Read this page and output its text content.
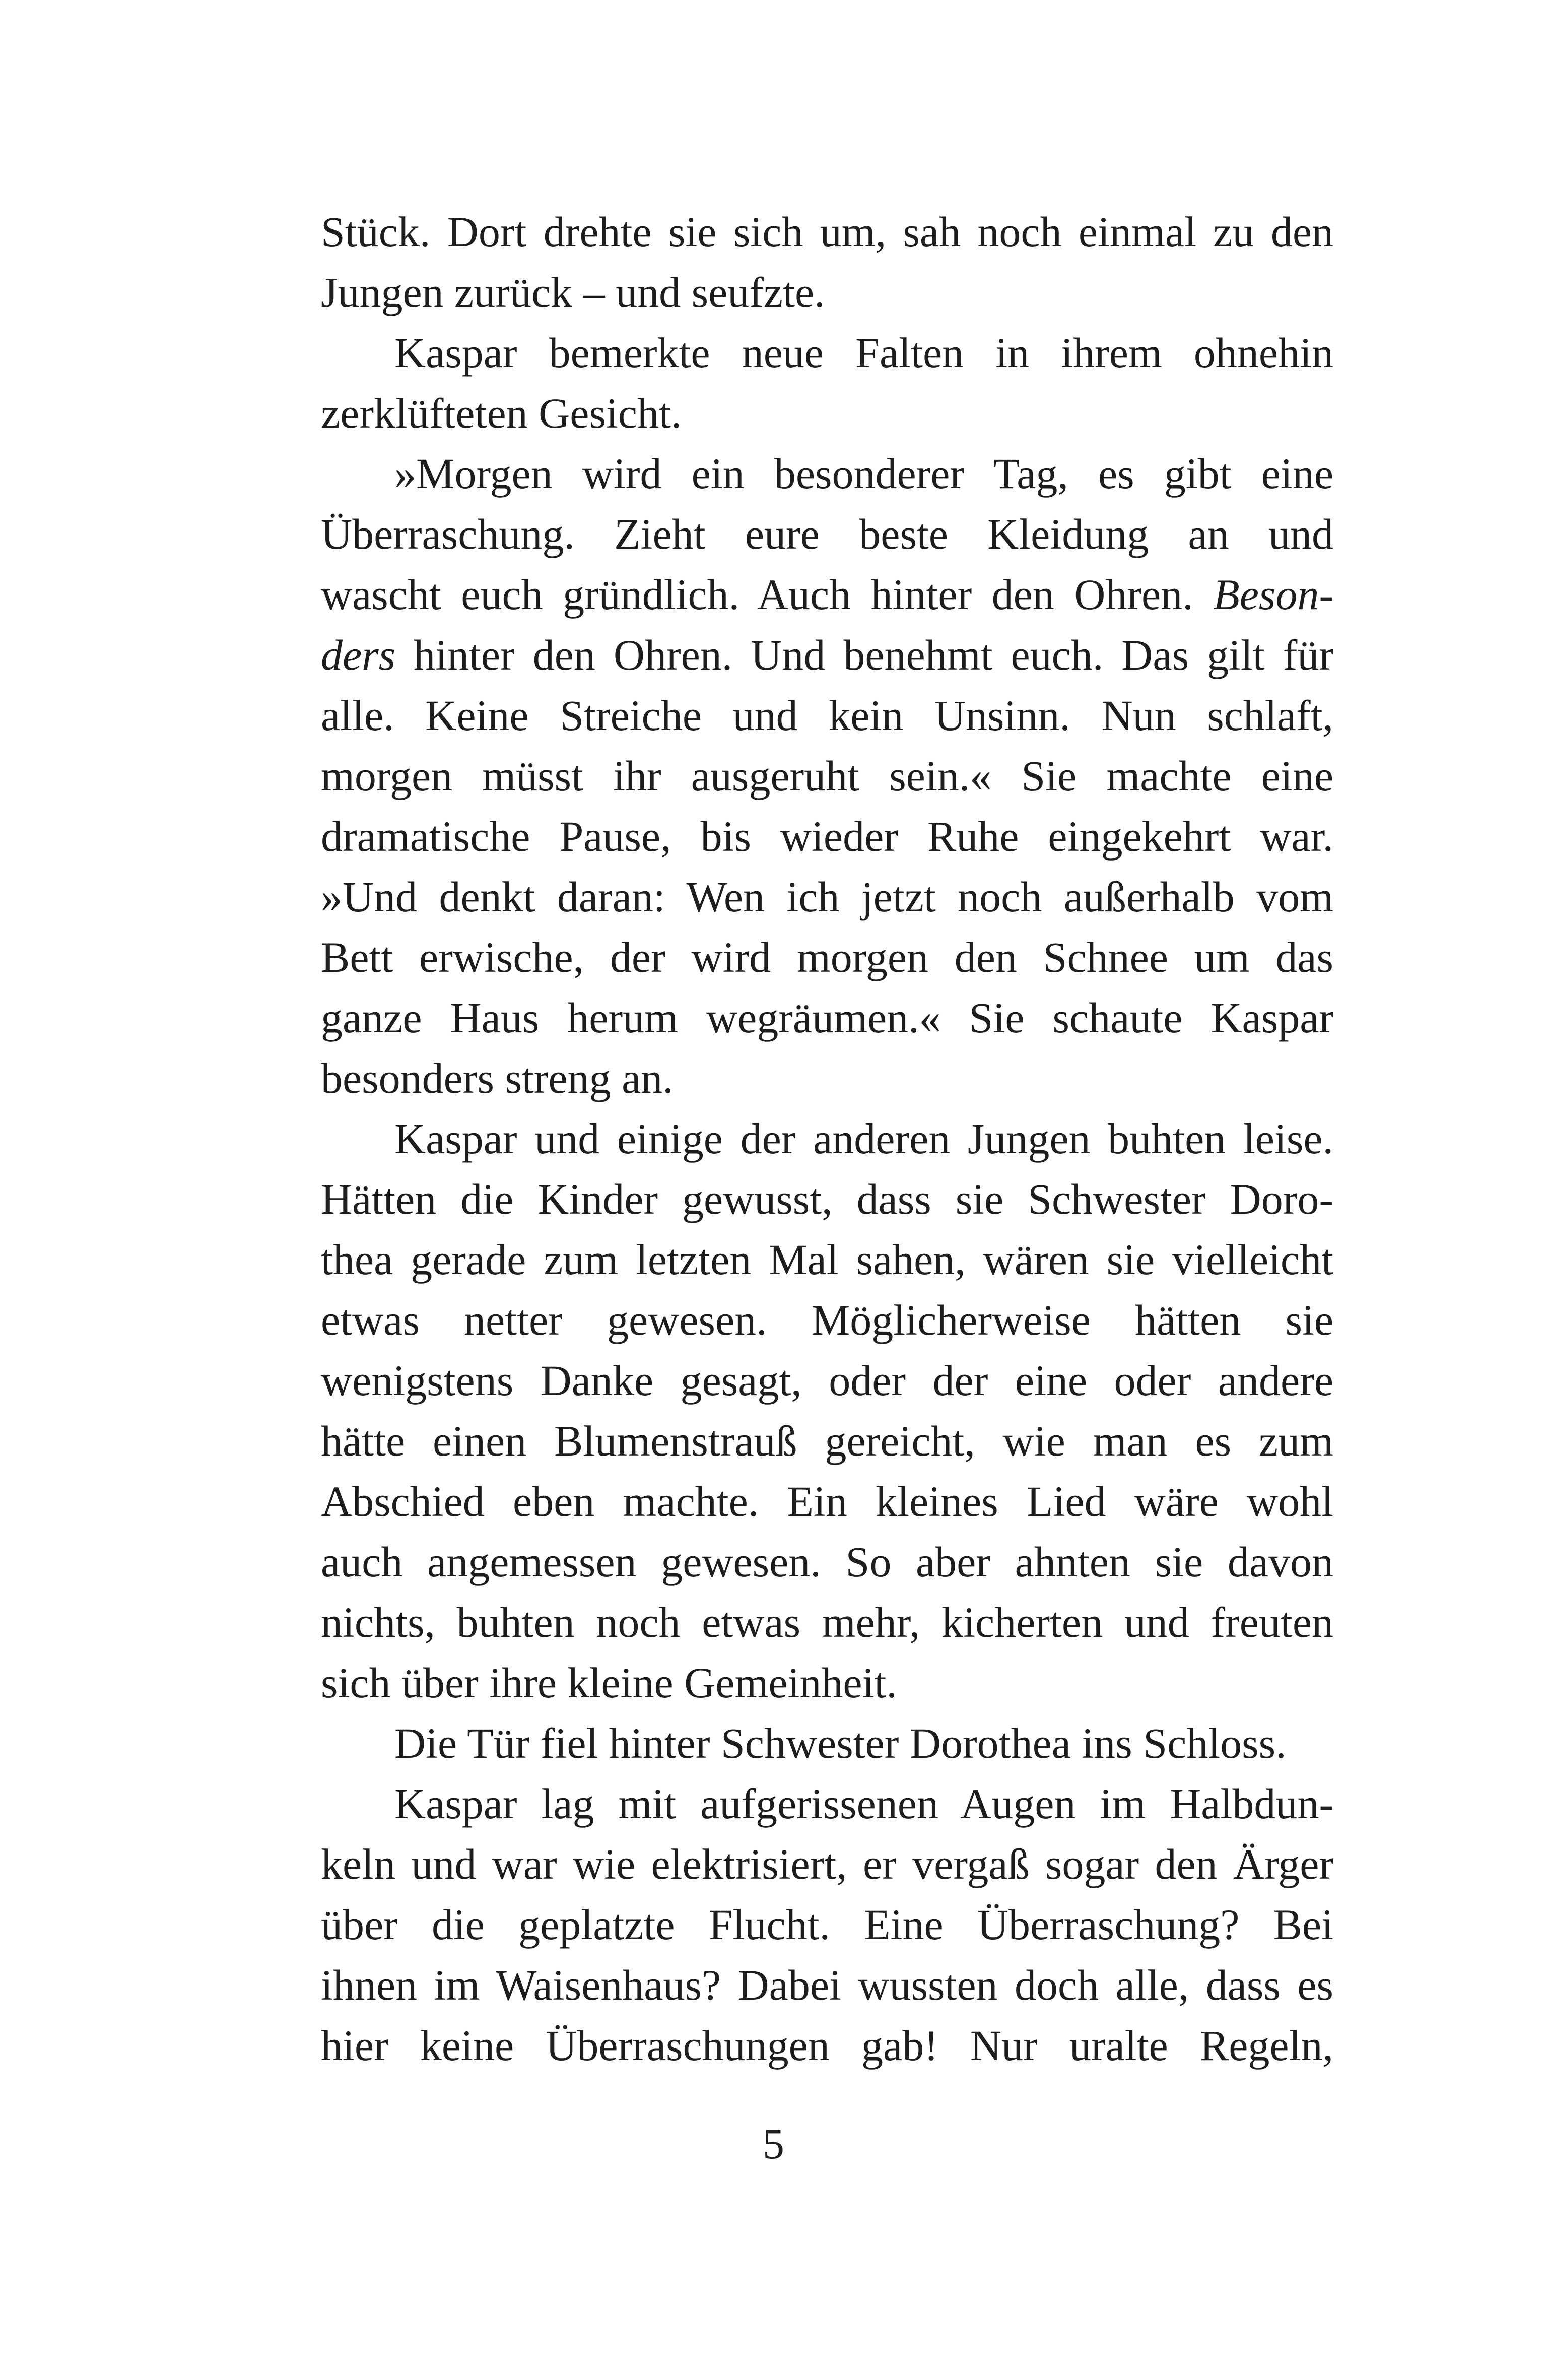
Stück. Dort drehte sie sich um, sah noch einmal zu den
Jungen zurück – und seufzte.
Kaspar bemerkte neue Falten in ihrem ohnehin
zerklüfteten Gesicht.
»Morgen wird ein besonderer Tag, es gibt eine
Überraschung. Zieht eure beste Kleidung an und
wascht euch gründlich. Auch hinter den Ohren. Beson-
ders hinter den Ohren. Und benehmt euch. Das gilt für
alle. Keine Streiche und kein Unsinn. Nun schlaft,
morgen müsst ihr ausgeruht sein.« Sie machte eine
dramatische Pause, bis wieder Ruhe eingekehrt war.
»Und denkt daran: Wen ich jetzt noch außerhalb vom
Bett erwische, der wird morgen den Schnee um das
ganze Haus herum wegräumen.« Sie schaute Kaspar
besonders streng an.
Kaspar und einige der anderen Jungen buhten leise.
Hätten die Kinder gewusst, dass sie Schwester Doro-
thea gerade zum letzten Mal sahen, wären sie vielleicht
etwas netter gewesen. Möglicherweise hätten sie
wenigstens Danke gesagt, oder der eine oder andere
hätte einen Blumenstrauß gereicht, wie man es zum
Abschied eben machte. Ein kleines Lied wäre wohl
auch angemessen gewesen. So aber ahnten sie davon
nichts, buhten noch etwas mehr, kicherten und freuten
sich über ihre kleine Gemeinheit.
Die Tür fiel hinter Schwester Dorothea ins Schloss.
Kaspar lag mit aufgerissenen Augen im Halbdun-
keln und war wie elektrisiert, er vergaß sogar den Ärger
über die geplatzte Flucht. Eine Überraschung? Bei
ihnen im Waisenhaus? Dabei wussten doch alle, dass es
hier keine Überraschungen gab! Nur uralte Regeln,
5
